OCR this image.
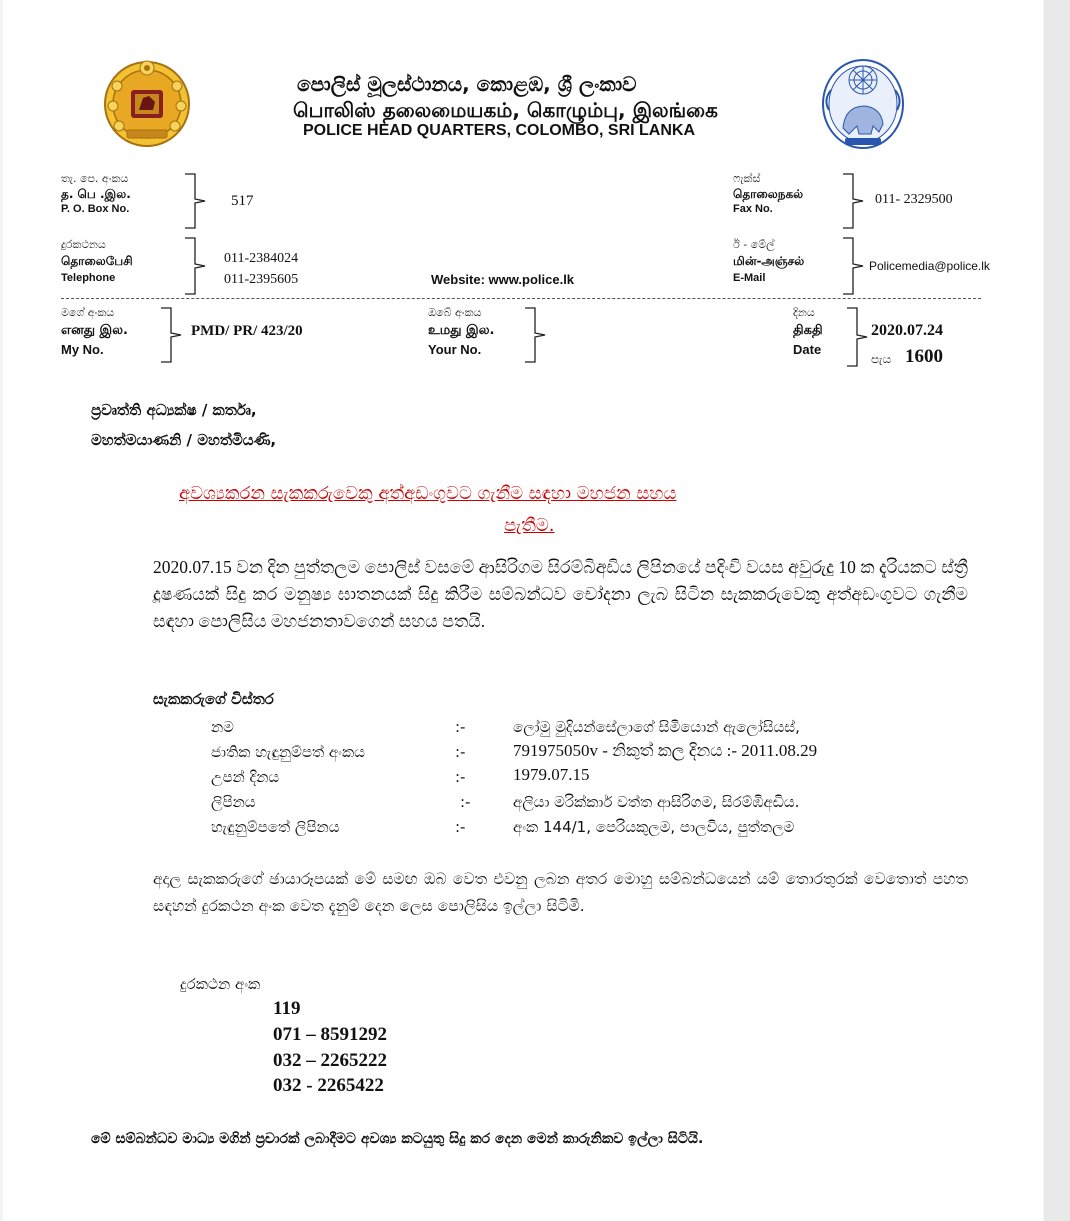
පොලිස් මූලස්ථානය, කොළඹ, ශ්‍රී ලංකාව
பொலிஸ் தலைமையகம், கொழும்பு, இலங்கை
POLICE HEAD QUARTERS, COLOMBO, SRI LANKA
තැ. පෙ. අංකය
த. பெ .இல.
P. O. Box No.	517
ෆැක්ස්
தொலைநகல்
Fax No.
011- 2329500
දුරකථනය
தொலைபேசி
Telephone
011-2384024
011-2395605	Website: www.police.lk
ඊ - මේල්
மின்-அஞ்சல்
E-Mail
Policemedia@police.lk
මගේ අංකය
எனது இல.
My No.
PMD/ PR/ 423/20
ඔබේ අංකය
உமது இல.
Your No.
දිනය
திகதி
Date
2020.07.24
පැය 1600
ප්‍රවෘත්ති අධ්‍යක්ෂ / කර්තෘ,
මහත්මයාණනි / මහත්මියණි,
අවශ්‍යකරන සැකකරුවෙකු අත්අඩංගුවට ගැනීම සඳහා මහජන සහය
පැතීම.
2020.07.15 වන දින පුත්තලම පොලිස් වසමේ ආසිරිගම සිරම්බිඅඩිය ලිපිනයේ පදිංචි වයස අවුරුදු 10 ක දැරියකට ස්ත්‍රී දූෂණයක් සිදු කර මනුෂ්‍ය ඝාතනයක් සිදු කිරීම සම්බන්ධව චෝදනා ලැබ සිටින සැකකරුවෙකු අත්අඩංගුවට ගැනීම සඳහා පොලිසිය මහජනතාවගෙන් සහය පතයි.
සැකකරුගේ විස්තර
නම	:-	ලෝමු මුදියන්සේලාගේ සිමියොන් ඇලෝසියස්,
ජාතික හැඳුනුම්පත් අංකය	:-	791975050v - නිකුත් කල දිනය :- 2011.08.29
උපන් දිනය	:-	1979.07.15
ලිපිනය	:-	අලියා මරික්කාර් වත්ත ආසිරිගම, සිරම්ඹිඅඩිය.
හැඳුනුම්පතේ ලිපිනය	:-	අංක 144/1, පෙරියකුලම, පාලවිය, පුත්තලම
අදාල සැකකරුගේ ඡායාරූපයක් මේ සමඟ ඔබ වෙත එවනු ලබන අතර මොහු සම්බන්ධයෙන් යම් තොරතුරක් වෙතොත් පහත සඳහන් දුරකථන අංක වෙත දැනුම් දෙන ලෙස පොලිසිය ඉල්ලා සිටිමි.
දුරකථන අංක
119
071 – 8591292
032 – 2265222
032 - 2265422
මේ සම්බන්ධව මාධ්‍ය මගින් ප්‍රචාරක් ලබාදීමට අවශ්‍ය කටයුතු සිදු කර දෙන මෙන් කාරුනිකව ඉල්ලා සිටියි.
